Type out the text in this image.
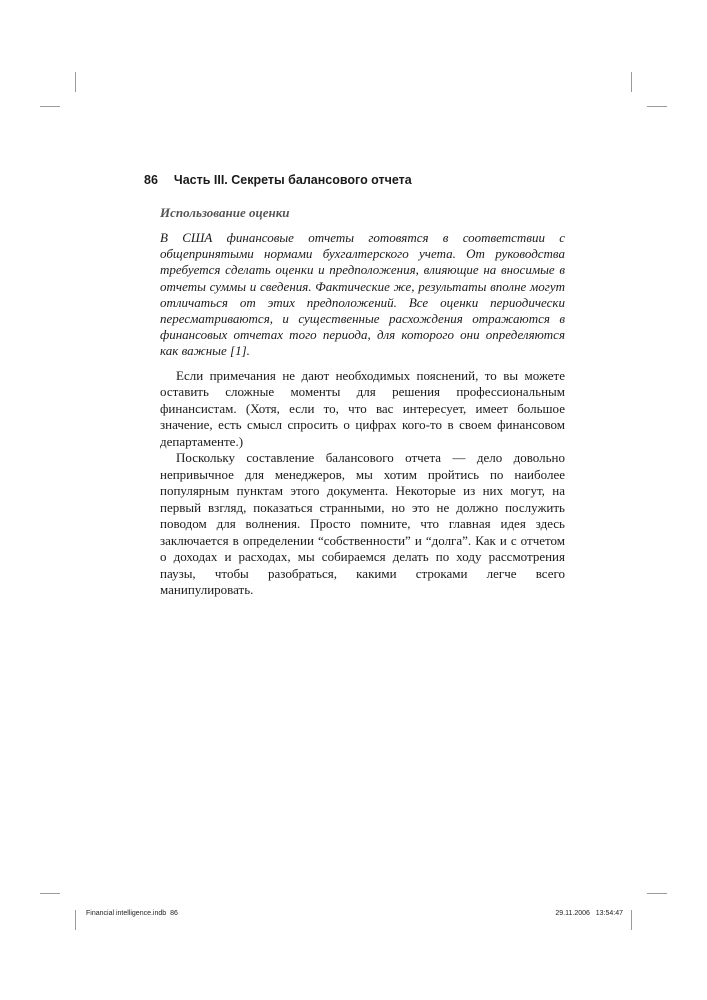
86 Часть III. Секреты балансового отчета
Использование оценки

В США финансовые отчеты готовятся в соответствии с общепринятыми нормами бухгалтерского учета. От руководства требуется сделать оценки и предположения, влияющие на вносимые в отчеты суммы и сведения. Фактические же, результаты вполне могут отличаться от этих предположений. Все оценки периодически пересматриваются, и существенные расхождения отражаются в финансовых отчетах того периода, для которого они определяются как важные [1].

Если примечания не дают необходимых пояснений, то вы можете оставить сложные моменты для решения профессиональным финансистам. (Хотя, если то, что вас интересует, имеет большое значение, есть смысл спросить о цифрах кого-то в своем финансовом департаменте.)

Поскольку составление балансового отчета — дело довольно непривычное для менеджеров, мы хотим пройтись по наиболее популярным пунктам этого документа. Некоторые из них могут, на первый взгляд, показаться странными, но это не должно послужить поводом для волнения. Просто помните, что главная идея здесь заключается в определении “собственности” и “долга”. Как и с отчетом о доходах и расходах, мы собираемся делать по ходу рассмотрения паузы, чтобы разобраться, какими строками легче всего манипулировать.

Financial intelligence.indb 86	29.11.2006   13:54:47
